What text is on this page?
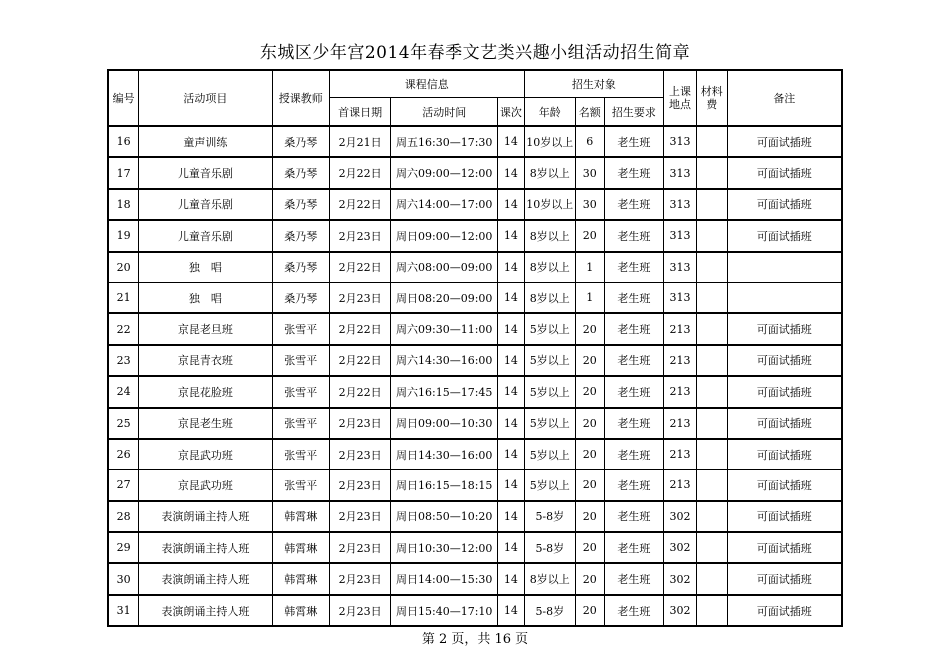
东城区少年宫2014年春季文艺类兴趣小组活动招生简章
编号	活动项目	授课教师	课程信息			招生对象			上课地点	材料费	备注
			首课日期	活动时间	课次	年龄	名额	招生要求			
16	童声训练	桑乃琴	2月21日	周五16:30—17:30	14	10岁以上	6	老生班	313		可面试插班
17	儿童音乐剧	桑乃琴	2月22日	周六09:00—12:00	14	8岁以上	30	老生班	313		可面试插班
18	儿童音乐剧	桑乃琴	2月22日	周六14:00—17:00	14	10岁以上	30	老生班	313		可面试插班
19	儿童音乐剧	桑乃琴	2月23日	周日09:00—12:00	14	8岁以上	20	老生班	313		可面试插班
20	独　唱	桑乃琴	2月22日	周六08:00—09:00	14	8岁以上	1	老生班	313		
21	独　唱	桑乃琴	2月23日	周日08:20—09:00	14	8岁以上	1	老生班	313		
22	京昆老旦班	张雪平	2月22日	周六09:30—11:00	14	5岁以上	20	老生班	213		可面试插班
23	京昆青衣班	张雪平	2月22日	周六14:30—16:00	14	5岁以上	20	老生班	213		可面试插班
24	京昆花脸班	张雪平	2月22日	周六16:15—17:45	14	5岁以上	20	老生班	213		可面试插班
25	京昆老生班	张雪平	2月23日	周日09:00—10:30	14	5岁以上	20	老生班	213		可面试插班
26	京昆武功班	张雪平	2月23日	周日14:30—16:00	14	5岁以上	20	老生班	213		可面试插班
27	京昆武功班	张雪平	2月23日	周日16:15—18:15	14	5岁以上	20	老生班	213		可面试插班
28	表演朗诵主持人班	韩霄琳	2月23日	周日08:50—10:20	14	5-8岁	20	老生班	302		可面试插班
29	表演朗诵主持人班	韩霄琳	2月23日	周日10:30—12:00	14	5-8岁	20	老生班	302		可面试插班
30	表演朗诵主持人班	韩霄琳	2月23日	周日14:00—15:30	14	8岁以上	20	老生班	302		可面试插班
31	表演朗诵主持人班	韩霄琳	2月23日	周日15:40—17:10	14	5-8岁	20	老生班	302		可面试插班
第 2 页，共 16 页
